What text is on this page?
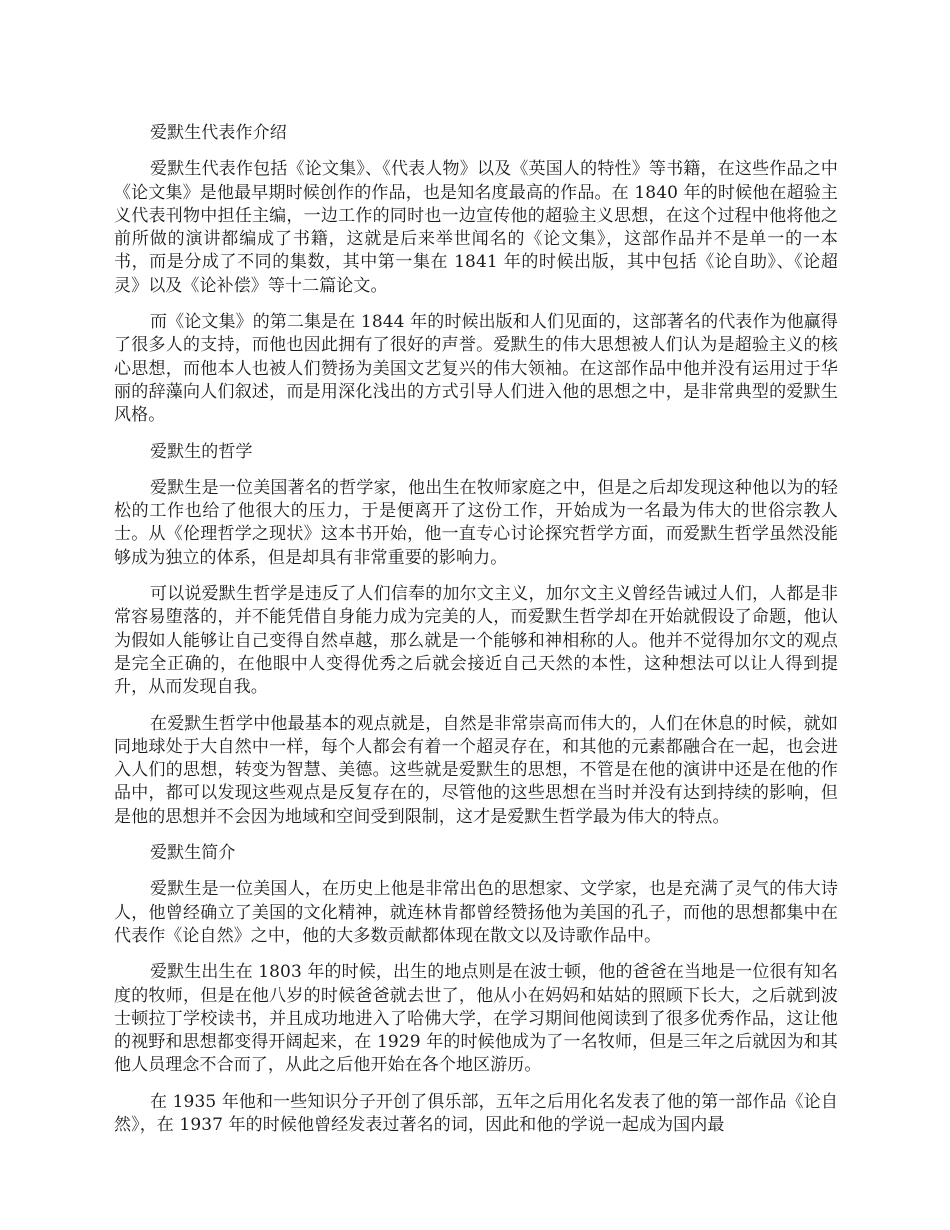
爱默生代表作介绍

爱默生代表作包括《论文集》、《代表人物》以及《英国人的特性》等书籍，在这些作品之中《论文集》是他最早期时候创作的作品，也是知名度最高的作品。在 1840 年的时候他在超验主义代表刊物中担任主编，一边工作的同时也一边宣传他的超验主义思想，在这个过程中他将他之前所做的演讲都编成了书籍，这就是后来举世闻名的《论文集》，这部作品并不是单一的一本书，而是分成了不同的集数，其中第一集在 1841 年的时候出版，其中包括《论自助》、《论超灵》以及《论补偿》等十二篇论文。

而《论文集》的第二集是在 1844 年的时候出版和人们见面的，这部著名的代表作为他赢得了很多人的支持，而他也因此拥有了很好的声誉。爱默生的伟大思想被人们认为是超验主义的核心思想，而他本人也被人们赞扬为美国文艺复兴的伟大领袖。在这部作品中他并没有运用过于华丽的辞藻向人们叙述，而是用深化浅出的方式引导人们进入他的思想之中，是非常典型的爱默生风格。

爱默生的哲学

爱默生是一位美国著名的哲学家，他出生在牧师家庭之中，但是之后却发现这种他以为的轻松的工作也给了他很大的压力，于是便离开了这份工作，开始成为一名最为伟大的世俗宗教人士。从《伦理哲学之现状》这本书开始，他一直专心讨论探究哲学方面，而爱默生哲学虽然没能够成为独立的体系，但是却具有非常重要的影响力。

可以说爱默生哲学是违反了人们信奉的加尔文主义，加尔文主义曾经告诫过人们，人都是非常容易堕落的，并不能凭借自身能力成为完美的人，而爱默生哲学却在开始就假设了命题，他认为假如人能够让自己变得自然卓越，那么就是一个能够和神相称的人。他并不觉得加尔文的观点是完全正确的，在他眼中人变得优秀之后就会接近自己天然的本性，这种想法可以让人得到提升，从而发现自我。

在爱默生哲学中他最基本的观点就是，自然是非常崇高而伟大的，人们在休息的时候，就如同地球处于大自然中一样，每个人都会有着一个超灵存在，和其他的元素都融合在一起，也会进入人们的思想，转变为智慧、美德。这些就是爱默生的思想，不管是在他的演讲中还是在他的作品中，都可以发现这些观点是反复存在的，尽管他的这些思想在当时并没有达到持续的影响，但是他的思想并不会因为地域和空间受到限制，这才是爱默生哲学最为伟大的特点。

爱默生简介

爱默生是一位美国人，在历史上他是非常出色的思想家、文学家，也是充满了灵气的伟大诗人，他曾经确立了美国的文化精神，就连林肯都曾经赞扬他为美国的孔子，而他的思想都集中在代表作《论自然》之中，他的大多数贡献都体现在散文以及诗歌作品中。

爱默生出生在 1803 年的时候，出生的地点则是在波士顿，他的爸爸在当地是一位很有知名度的牧师，但是在他八岁的时候爸爸就去世了，他从小在妈妈和姑姑的照顾下长大，之后就到波士顿拉丁学校读书，并且成功地进入了哈佛大学，在学习期间他阅读到了很多优秀作品，这让他的视野和思想都变得开阔起来，在 1929 年的时候他成为了一名牧师，但是三年之后就因为和其他人员理念不合而了，从此之后他开始在各个地区游历。

在 1935 年他和一些知识分子开创了俱乐部，五年之后用化名发表了他的第一部作品《论自然》，在 1937 年的时候他曾经发表过著名的词，因此和他的学说一起成为国内最
